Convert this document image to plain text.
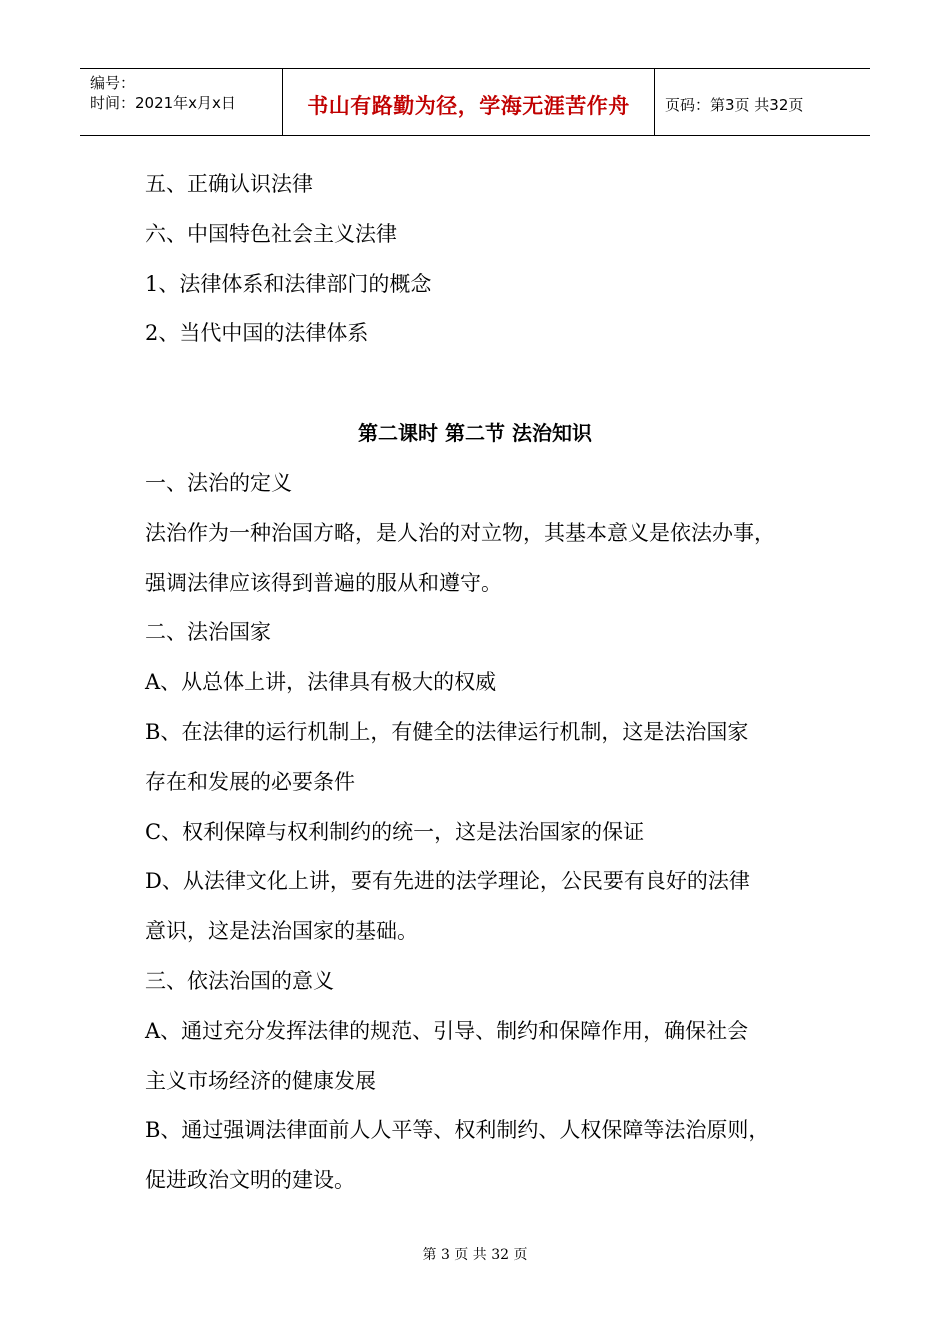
编号：
时间：2021年x月x日	书山有路勤为径，学海无涯苦作舟	页码：第3页 共32页
五、正确认识法律
六、中国特色社会主义法律
1、法律体系和法律部门的概念
2、当代中国的法律体系
第二课时 第二节 法治知识
一、法治的定义
法治作为一种治国方略，是人治的对立物，其基本意义是依法办事，
强调法律应该得到普遍的服从和遵守。
二、法治国家
A、从总体上讲，法律具有极大的权威
B、在法律的运行机制上，有健全的法律运行机制，这是法治国家
存在和发展的必要条件
C、权利保障与权利制约的统一，这是法治国家的保证
D、从法律文化上讲，要有先进的法学理论，公民要有良好的法律
意识，这是法治国家的基础。
三、依法治国的意义
A、通过充分发挥法律的规范、引导、制约和保障作用，确保社会
主义市场经济的健康发展
B、通过强调法律面前人人平等、权利制约、人权保障等法治原则，
促进政治文明的建设。
第 3 页 共 32 页
